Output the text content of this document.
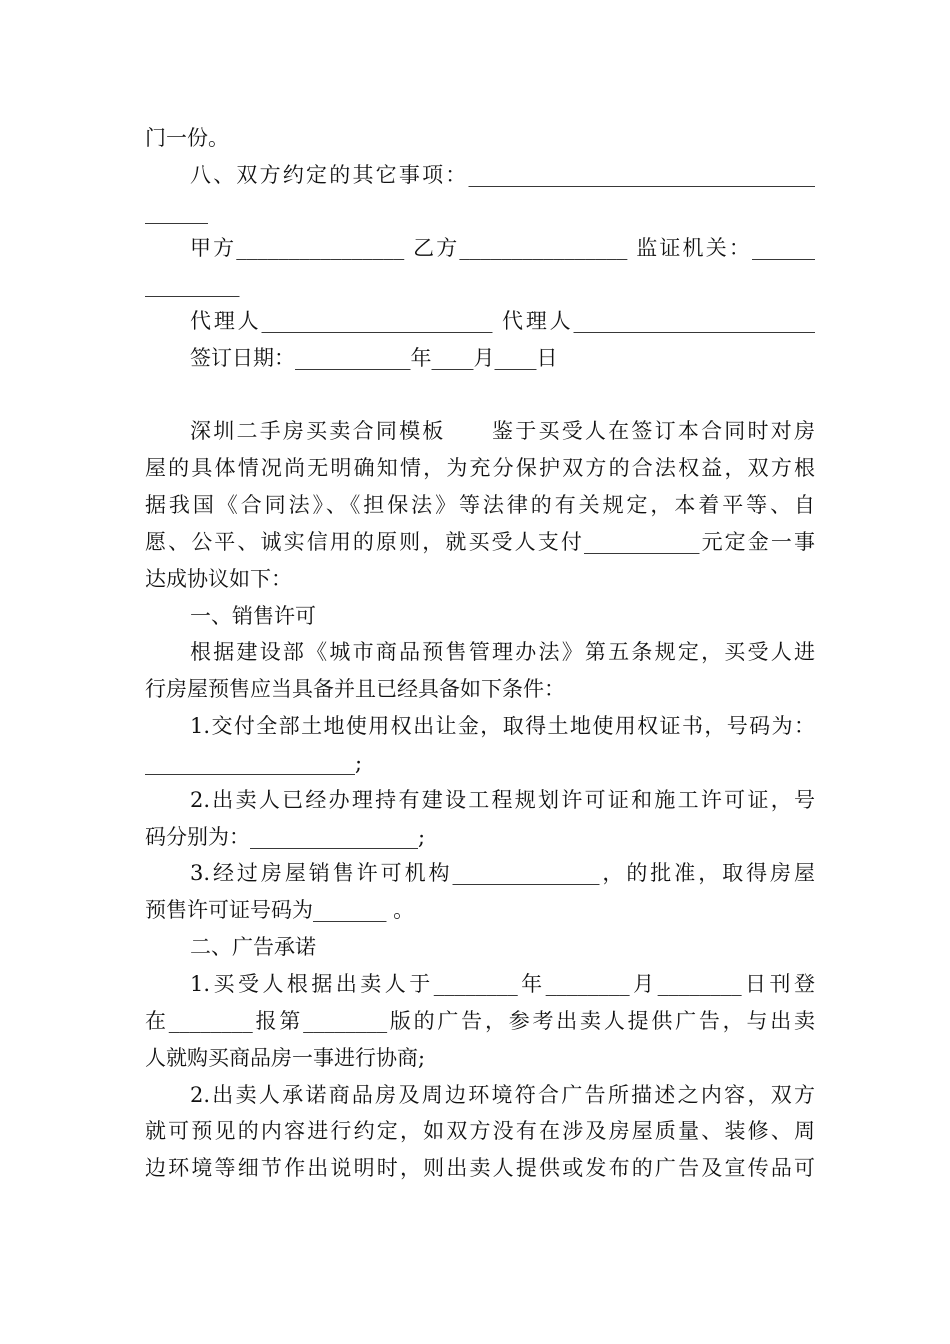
门一份。
八、双方约定的其它事项：_________________________________
______
甲方________________ 乙方________________ 监证机关：______
_________
代理人______________________ 代理人_______________________
签订日期：___________年____月____日
深圳二手房买卖合同模板　　鉴于买受人在签订本合同时对房
屋的具体情况尚无明确知情，为充分保护双方的合法权益，双方根
据我国《合同法》、《担保法》等法律的有关规定，本着平等、自
愿、公平、诚实信用的原则，就买受人支付___________元定金一事
达成协议如下：
一、销售许可
根据建设部《城市商品预售管理办法》第五条规定，买受人进
行房屋预售应当具备并且已经具备如下条件：
1.交付全部土地使用权出让金，取得土地使用权证书，号码为：
____________________;
2.出卖人已经办理持有建设工程规划许可证和施工许可证，号
码分别为：________________;
3.经过房屋销售许可机构______________，的批准，取得房屋
预售许可证号码为_______ 。
二、广告承诺
1.买受人根据出卖人于________年________月________日刊登
在________报第________版的广告，参考出卖人提供广告，与出卖
人就购买商品房一事进行协商;
2.出卖人承诺商品房及周边环境符合广告所描述之内容，双方
就可预见的内容进行约定，如双方没有在涉及房屋质量、装修、周
边环境等细节作出说明时，则出卖人提供或发布的广告及宣传品可
